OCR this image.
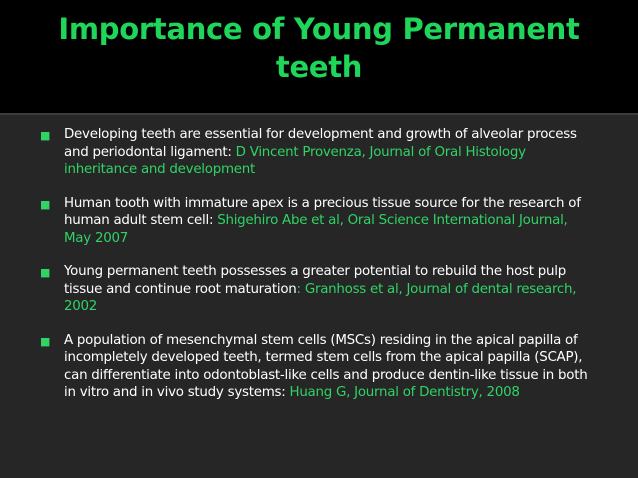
Importance of Young Permanent
teeth
■ Developing teeth are essential for development and growth of alveolar process and periodontal ligament: D Vincent Provenza, Journal of Oral Histology inheritance and development
■ Human tooth with immature apex is a precious tissue source for the research of human adult stem cell: Shigehiro Abe et al, Oral Science International Journal, May 2007
■ Young permanent teeth possesses a greater potential to rebuild the host pulp tissue and continue root maturation: Granhoss et al, Journal of dental research, 2002
■ A population of mesenchymal stem cells (MSCs) residing in the apical papilla of incompletely developed teeth, termed stem cells from the apical papilla (SCAP), can differentiate into odontoblast-like cells and produce dentin-like tissue in both in vitro and in vivo study systems: Huang G, Journal of Dentistry, 2008
